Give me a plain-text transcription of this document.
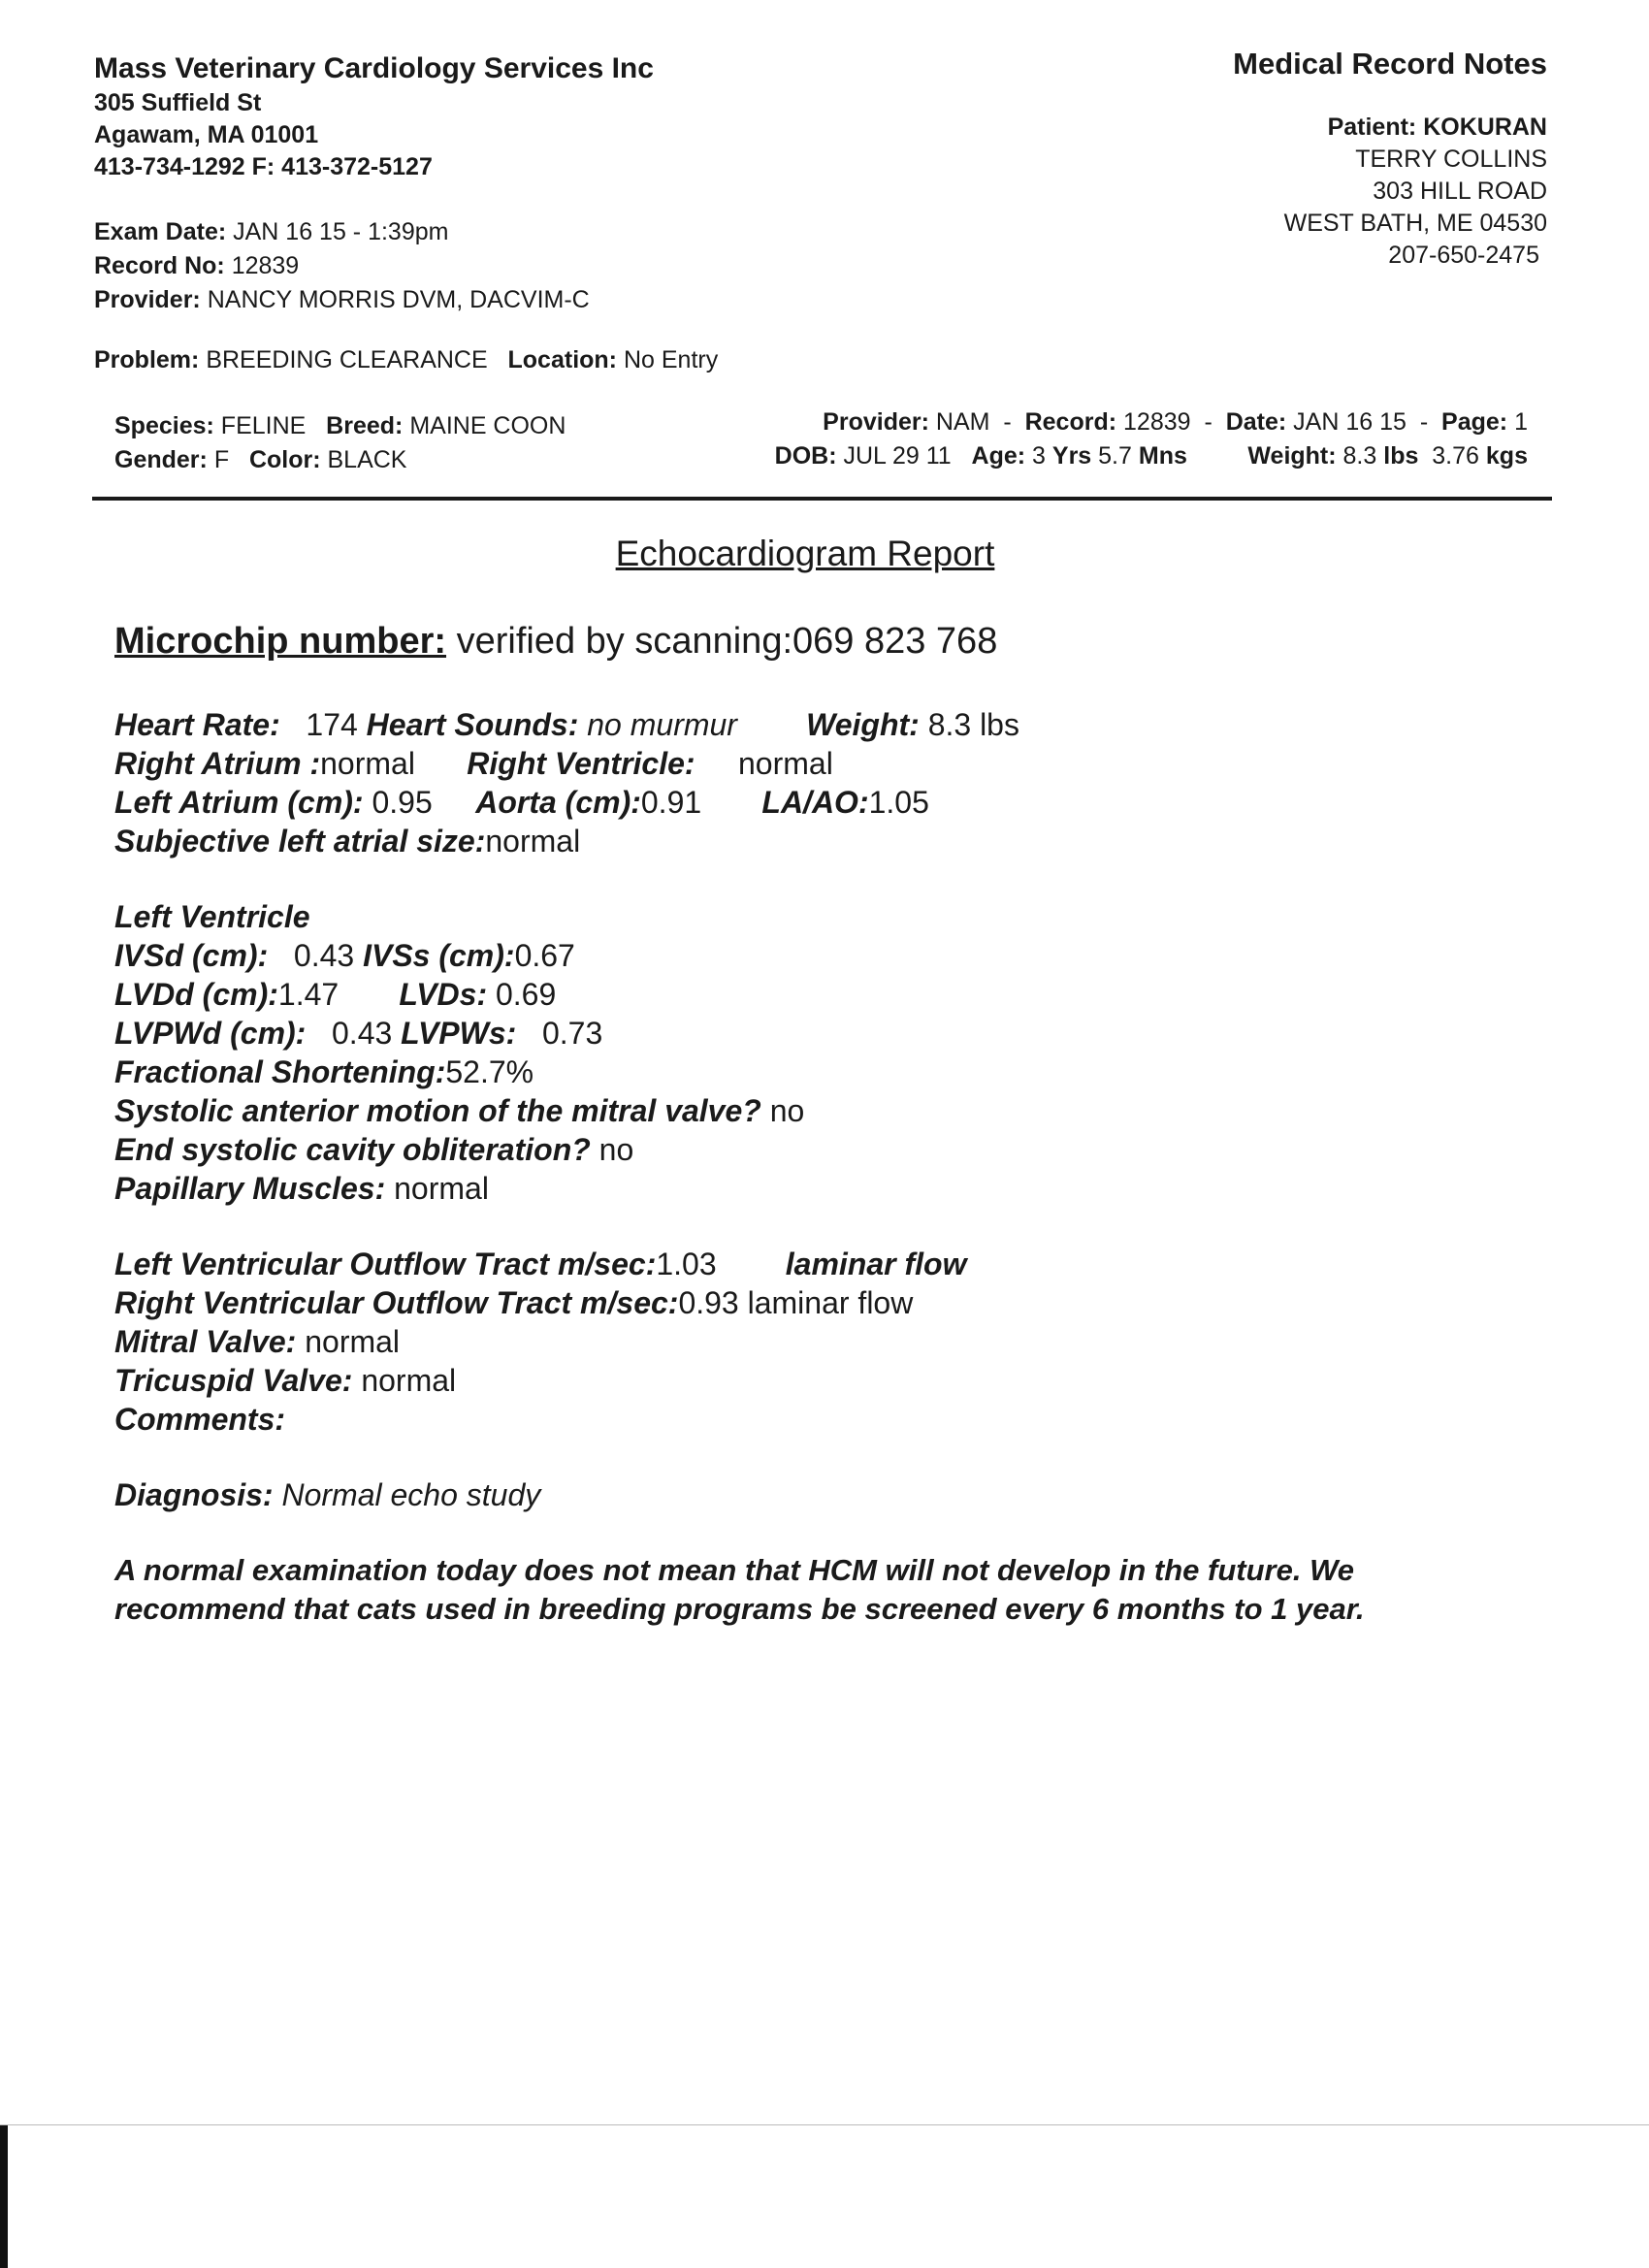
Mass Veterinary Cardiology Services Inc
305 Suffield St
Agawam, MA 01001
413-734-1292 F: 413-372-5127
Medical Record Notes
Patient: KOKURAN
TERRY COLLINS
303 HILL ROAD
WEST BATH, ME 04530
207-650-2475
Exam Date: JAN 16 15 - 1:39pm
Record No: 12839
Provider: NANCY MORRIS DVM, DACVIM-C
Problem: BREEDING CLEARANCE Location: No Entry
Species: FELINE Breed: MAINE COON
Gender: F Color: BLACK
Provider: NAM - Record: 12839 - Date: JAN 16 15 - Page: 1
DOB: JUL 29 11 Age: 3 Yrs 5.7 Mns	Weight: 8.3 lbs 3.76 kgs
Echocardiogram Report
Microchip number: verified by scanning:069 823 768
Heart Rate: 174 Heart Sounds: no murmur Weight: 8.3 lbs
Right Atrium :normal Right Ventricle: normal
Left Atrium (cm): 0.95 Aorta (cm):0.91 LA/AO:1.05
Subjective left atrial size:normal
Left Ventricle
IVSd (cm): 0.43 IVSs (cm):0.67
LVDd (cm):1.47 LVDs: 0.69
LVPWd (cm): 0.43 LVPWs: 0.73
Fractional Shortening:52.7%
Systolic anterior motion of the mitral valve? no
End systolic cavity obliteration? no
Papillary Muscles: normal
Left Ventricular Outflow Tract m/sec:1.03 laminar flow
Right Ventricular Outflow Tract m/sec:0.93 laminar flow
Mitral Valve: normal
Tricuspid Valve: normal
Comments:
Diagnosis: Normal echo study
A normal examination today does not mean that HCM will not develop in the future. We
recommend that cats used in breeding programs be screened every 6 months to 1 year.
